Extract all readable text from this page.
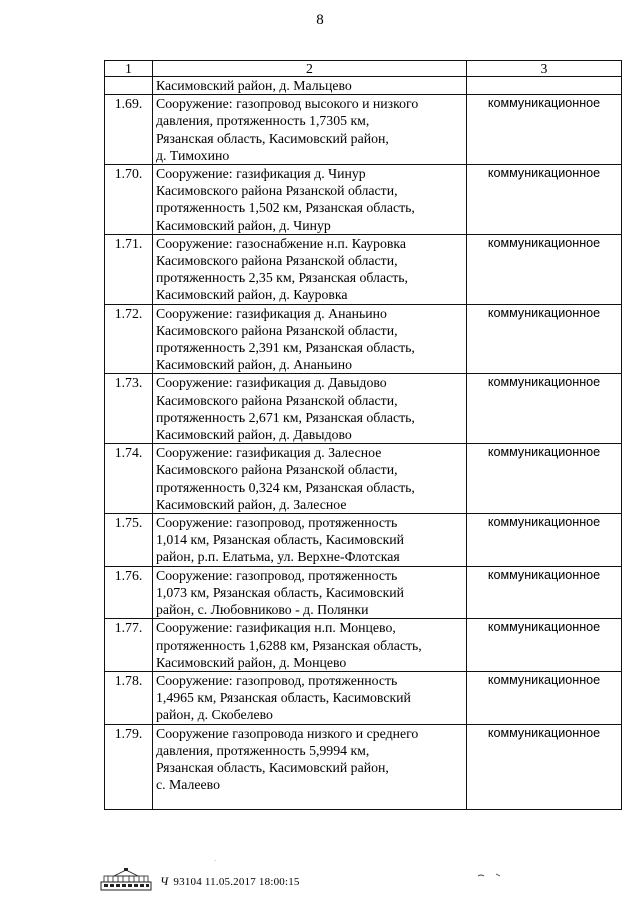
8
1	2	3
	Касимовский район, д. Мальцево	
1.69.	Сооружение: газопровод высокого и низкого
давления, протяженность 1,7305 км,
Рязанская область, Касимовский район,
д. Тимохино	коммуникационное
1.70.	Сооружение: газификация д. Чинур
Касимовского района Рязанской области,
протяженность 1,502 км, Рязанская область,
Касимовский район, д. Чинур	коммуникационное
1.71.	Сооружение: газоснабжение н.п. Кауровка
Касимовского района Рязанской области,
протяженность 2,35 км, Рязанская область,
Касимовский район, д. Кауровка	коммуникационное
1.72.	Сооружение: газификация д. Ананьино
Касимовского района Рязанской области,
протяженность 2,391 км, Рязанская область,
Касимовский район, д. Ананьино	коммуникационное
1.73.	Сооружение: газификация д. Давыдово
Касимовского района Рязанской области,
протяженность 2,671 км, Рязанская область,
Касимовский район, д. Давыдово	коммуникационное
1.74.	Сооружение: газификация д. Залесное
Касимовского района Рязанской области,
протяженность 0,324 км, Рязанская область,
Касимовский район, д. Залесное	коммуникационное
1.75.	Сооружение: газопровод, протяженность
1,014 км, Рязанская область, Касимовский
район, р.п. Елатьма, ул. Верхне-Флотская	коммуникационное
1.76.	Сооружение: газопровод, протяженность
1,073 км, Рязанская область, Касимовский
район, с. Любовниково - д. Полянки	коммуникационное
1.77.	Сооружение: газификация н.п. Монцево,
протяженность 1,6288 км, Рязанская область,
Касимовский район, д. Монцево	коммуникационное
1.78.	Сооружение: газопровод, протяженность
1,4965 км, Рязанская область, Касимовский
район, д. Скобелево	коммуникационное
1.79.	Сооружение газопровода низкого и среднего
давления, протяженность 5,9994 км,
Рязанская область, Касимовский район,
с. Малеево	коммуникационное
Ч 93104 11.05.2017 18:00:15
